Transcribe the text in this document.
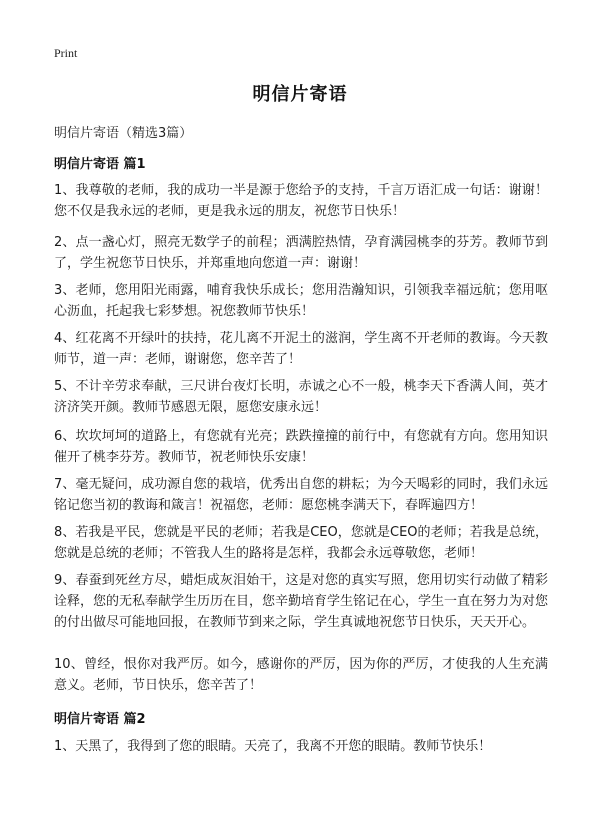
Print
明信片寄语
明信片寄语（精选3篇）
明信片寄语 篇1
1、我尊敬的老师，我的成功一半是源于您给予的支持，千言万语汇成一句话：谢谢！您不仅是我永远的老师，更是我永远的朋友，祝您节日快乐！
2、点一盏心灯，照亮无数学子的前程；洒满腔热情，孕育满园桃李的芬芳。教师节到了，学生祝您节日快乐，并郑重地向您道一声：谢谢！
3、老师，您用阳光雨露，哺育我快乐成长；您用浩瀚知识，引领我幸福远航；您用呕心沥血，托起我七彩梦想。祝您教师节快乐！
4、红花离不开绿叶的扶持，花儿离不开泥土的滋润，学生离不开老师的教诲。今天教师节，道一声：老师，谢谢您，您辛苦了！
5、不计辛劳求奉献，三尺讲台夜灯长明，赤诚之心不一般，桃李天下香满人间，英才济济笑开颜。教师节感恩无限，愿您安康永远！
6、坎坎坷坷的道路上，有您就有光亮；跌跌撞撞的前行中，有您就有方向。您用知识催开了桃李芬芳。教师节，祝老师快乐安康！
7、毫无疑问，成功源自您的栽培，优秀出自您的耕耘；为今天喝彩的同时，我们永远铭记您当初的教诲和箴言！祝福您，老师：愿您桃李满天下，春晖遍四方！
8、若我是平民，您就是平民的老师；若我是CEO，您就是CEO的老师；若我是总统，您就是总统的老师；不管我人生的路将是怎样，我都会永远尊敬您，老师！
9、春蚕到死丝方尽，蜡炬成灰泪始干，这是对您的真实写照，您用切实行动做了精彩诠释，您的无私奉献学生历历在目，您辛勤培育学生铭记在心，学生一直在努力为对您的付出做尽可能地回报，在教师节到来之际，学生真诚地祝您节日快乐，天天开心。
10、曾经，恨你对我严厉。如今，感谢你的严厉，因为你的严厉，才使我的人生充满意义。老师，节日快乐，您辛苦了！
明信片寄语 篇2
1、天黑了，我得到了您的眼睛。天亮了，我离不开您的眼睛。教师节快乐！
